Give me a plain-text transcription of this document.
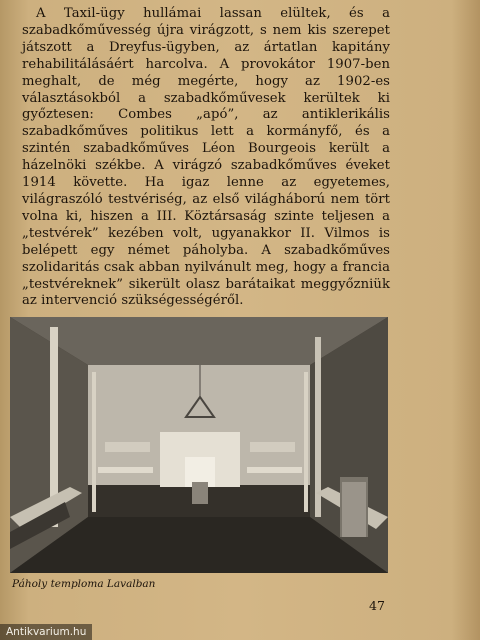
A Taxil-ügy hullámai lassan elültek, és a szabadkőművesség újra virágzott, s nem kis szerepet játszott a Dreyfus-ügyben, az ártatlan kapitány rehabilitálásáért harcolva. A provokátor 1907-ben meghalt, de még megérte, hogy az 1902-es választásokból a szabadkőművesek kerültek ki győztesen: Combes „apó”, az antiklerikális szabadkőműves politikus lett a kormányfő, és a szintén szabadkőműves Léon Bourgeois került a házelnöki székbe. A virágzó szabadkőműves éveket 1914 követte. Ha igaz lenne az egyetemes, világraszóló testvériség, az első világháború nem tört volna ki, hiszen a III. Köztársaság szinte teljesen a „testvérek” kezében volt, ugyanakkor II. Vilmos is belépett egy német páholyba. A szabadkőműves szolidaritás csak abban nyilvánult meg, hogy a francia „testvéreknek” sikerült olasz barátaikat meggyőzniük az intervenció szükségességéről.

Páholy temploma Lavalban
47
Antikvarium.hu
